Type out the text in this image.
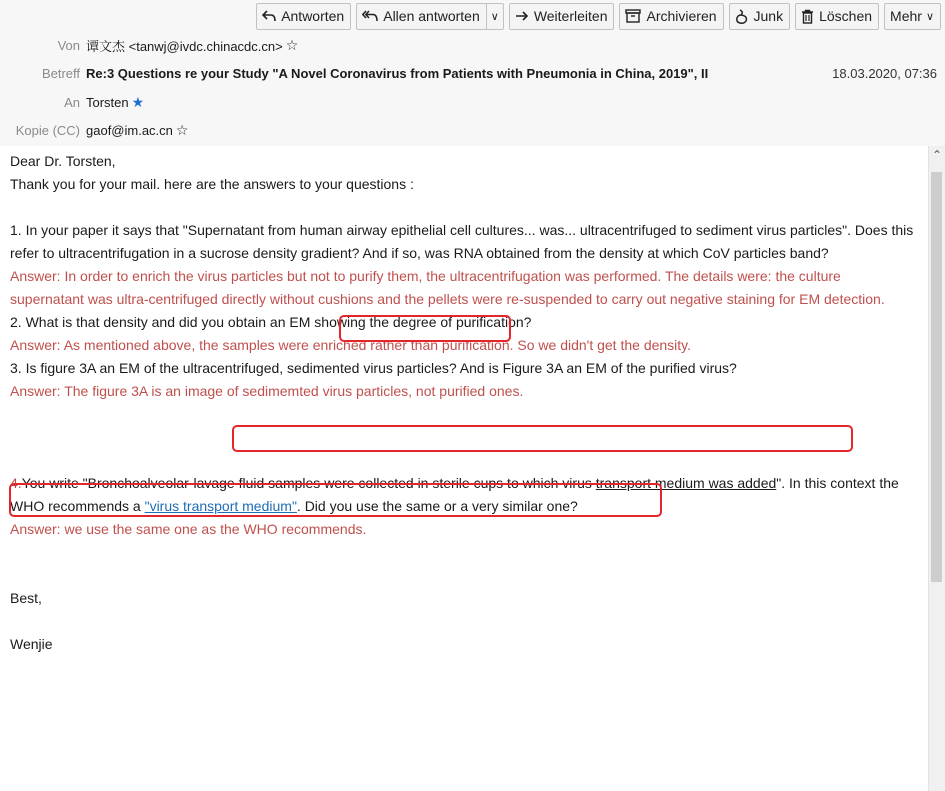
Antworten	Allen antworten	∨	Weiterleiten	Archivieren	Junk	Löschen Mehr ∨
Von 谭文杰 <tanwj@ivdc.chinacdc.cn> ☆
Betreff Re:3 Questions re your Study "A Novel Coronavirus from Patients with Pneumonia in China, 2019", II	18.03.2020, 07:36
An Torsten ★
Kopie (CC) gaof@im.ac.cn ☆

Dear Dr. Torsten,

Thank you for your mail. here are the answers to your questions :

1. In your paper it says that "Supernatant from human airway epithelial cell cultures... was... ultracentrifuged to sediment virus particles". Does this refer to ultracentrifugation in a sucrose density gradient? And if so, was RNA obtained from the density at which CoV particles band?

Answer: In order to enrich the virus particles but not to purify them, the ultracentrifugation was performed. The details were: the culture supernatant was ultra-centrifuged directly without cushions and the pellets were re-suspended to carry out negative staining for EM detection.

2. What is that density and did you obtain an EM showing the degree of purification?

Answer: As mentioned above, the samples were enriched rather than purification. So we didn't get the density.

3. Is figure 3A an EM of the ultracentrifuged, sedimented virus particles? And is Figure 3A an EM of the purified virus?

Answer: The figure 3A is an image of sedimemted virus particles, not purified ones.

4.You write "Bronchoalveolar-lavage fluid samples were collected in sterile cups to which virus transport medium was added". In this context the WHO recommends a "virus transport medium". Did you use the same or a very similar one?

Answer: we use the same one as the WHO recommends.

Best,

Wenjie

⌃
